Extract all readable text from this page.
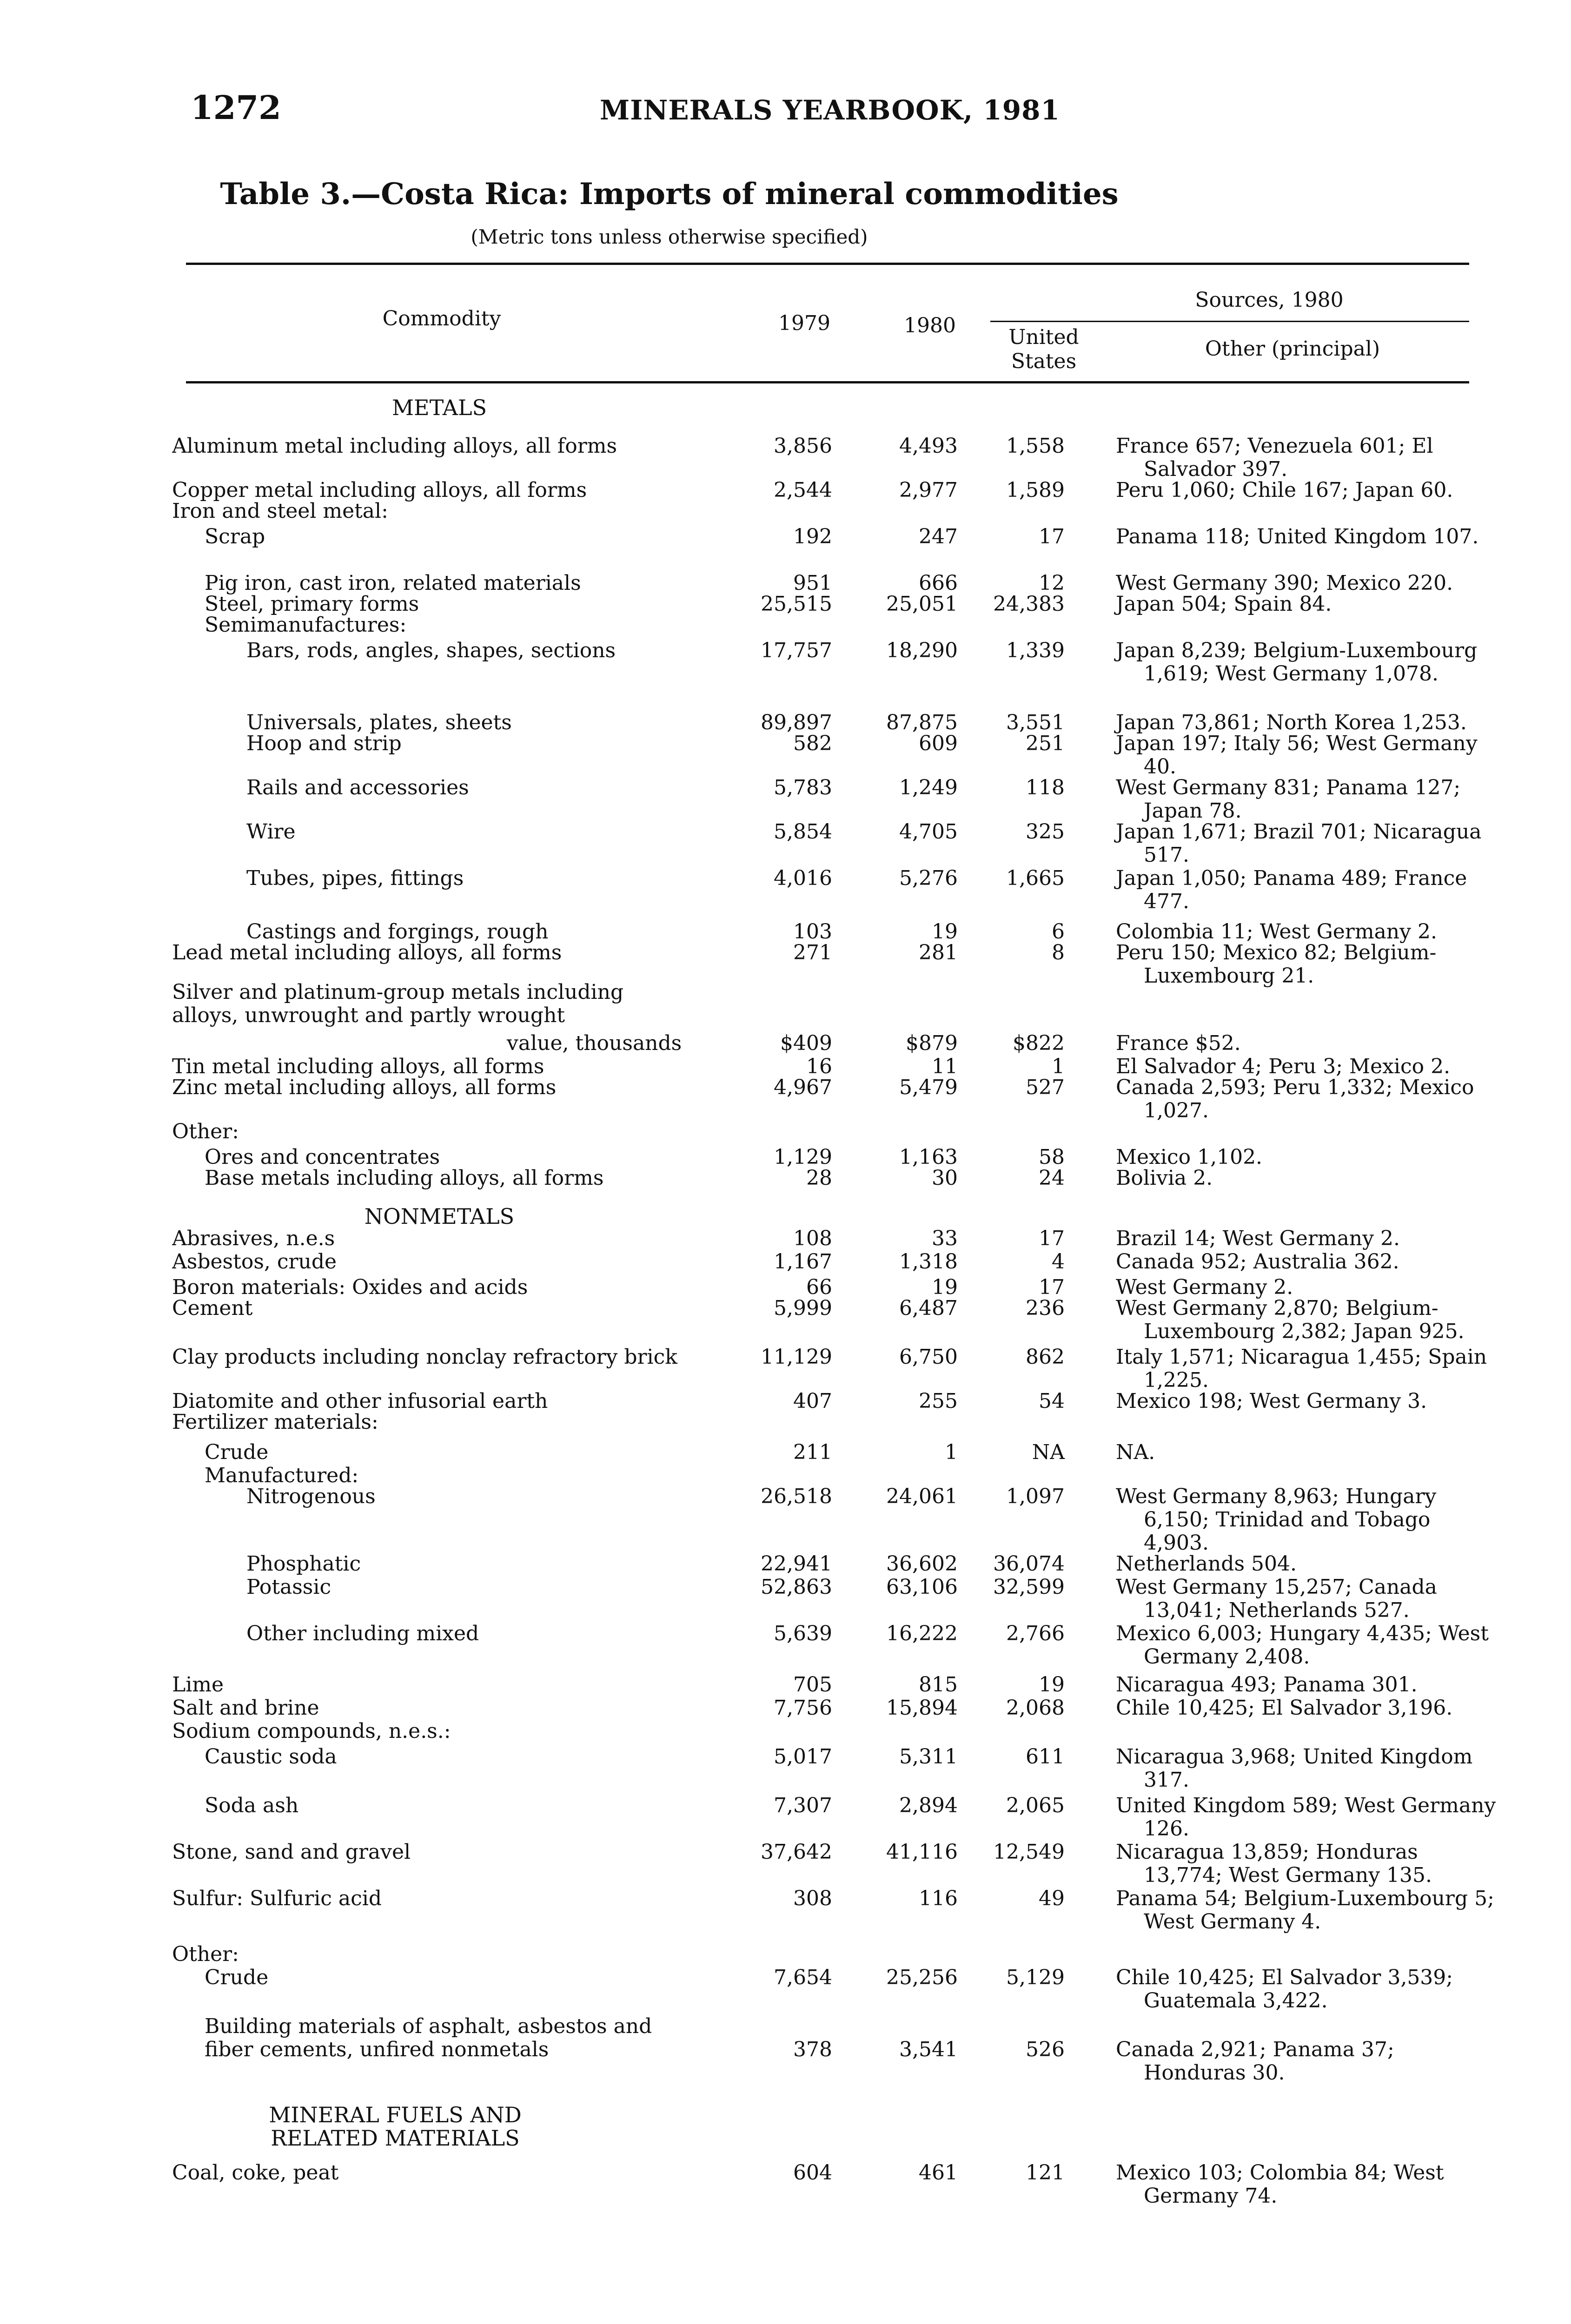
1272	MINERALS YEARBOOK, 1981
Table 3.—Costa Rica: Imports of mineral commodities
(Metric tons unless otherwise specified)
Commodity	1979	1980
Sources, 1980
United States
Other (principal)
METALS
NONMETALS
MINERAL FUELS AND RELATED MATERIALS
Aluminum metal including alloys, all forms	3,856	4,493	1,558	France 657; Venezuela 601; El Salvador 397.
Copper metal including alloys, all forms	2,544	2,977	1,589	Peru 1,060; Chile 167; Japan 60.
Iron and steel metal:
Scrap	192	247	17	Panama 118; United Kingdom 107.
Pig iron, cast iron, related materials	951	666	12	West Germany 390; Mexico 220.
Steel, primary forms	25,515	25,051	24,383	Japan 504; Spain 84.
Semimanufactures:
Bars, rods, angles, shapes, sections	17,757	18,290	1,339	Japan 8,239; Belgium-Luxembourg 1,619; West Germany 1,078.
Universals, plates, sheets	89,897	87,875	3,551	Japan 73,861; North Korea 1,253.
Hoop and strip	582	609	251	Japan 197; Italy 56; West Germany 40.
Rails and accessories	5,783	1,249	118	West Germany 831; Panama 127; Japan 78.
Wire	5,854	4,705	325	Japan 1,671; Brazil 701; Nicaragua 517.
Tubes, pipes, fittings	4,016	5,276	1,665	Japan 1,050; Panama 489; France 477.
Castings and forgings, rough	103	19	6	Colombia 11; West Germany 2.
Lead metal including alloys, all forms	271	281	8	Peru 150; Mexico 82; Belgium-Luxembourg 21.
Silver and platinum-group metals including alloys, unwrought and partly wrought
value, thousands	$409	$879	$822	France $52.
Tin metal including alloys, all forms	16	11	1	El Salvador 4; Peru 3; Mexico 2.
Zinc metal including alloys, all forms	4,967	5,479	527	Canada 2,593; Peru 1,332; Mexico 1,027.
Other:
Ores and concentrates	1,129	1,163	58	Mexico 1,102.
Base metals including alloys, all forms	28	30	24	Bolivia 2.
Abrasives, n.e.s	108	33	17	Brazil 14; West Germany 2.
Asbestos, crude	1,167	1,318	4	Canada 952; Australia 362.
Boron materials: Oxides and acids	66	19	17	West Germany 2.
Cement	5,999	6,487	236	West Germany 2,870; Belgium-Luxembourg 2,382; Japan 925.
Clay products including nonclay refractory brick	11,129	6,750	862	Italy 1,571; Nicaragua 1,455; Spain 1,225.
Diatomite and other infusorial earth	407	255	54	Mexico 198; West Germany 3.
Fertilizer materials:
Crude	211	1	NA	NA.
Manufactured:
Nitrogenous	26,518	24,061	1,097	West Germany 8,963; Hungary 6,150; Trinidad and Tobago 4,903.
Phosphatic	22,941	36,602	36,074	Netherlands 504.
Potassic	52,863	63,106	32,599	West Germany 15,257; Canada 13,041; Netherlands 527.
Other including mixed	5,639	16,222	2,766	Mexico 6,003; Hungary 4,435; West Germany 2,408.
Lime	705	815	19	Nicaragua 493; Panama 301.
Salt and brine	7,756	15,894	2,068	Chile 10,425; El Salvador 3,196.
Sodium compounds, n.e.s.:
Caustic soda	5,017	5,311	611	Nicaragua 3,968; United Kingdom 317.
Soda ash	7,307	2,894	2,065	United Kingdom 589; West Germany 126.
Stone, sand and gravel	37,642	41,116	12,549	Nicaragua 13,859; Honduras 13,774; West Germany 135.
Sulfur: Sulfuric acid	308	116	49	Panama 54; Belgium-Luxembourg 5; West Germany 4.
Other:
Crude	7,654	25,256	5,129	Chile 10,425; El Salvador 3,539; Guatemala 3,422.
Building materials of asphalt, asbestos and fiber cements, unfired nonmetals	378	3,541	526	Canada 2,921; Panama 37; Honduras 30.
Coal, coke, peat	604	461	121	Mexico 103; Colombia 84; West Germany 74.
